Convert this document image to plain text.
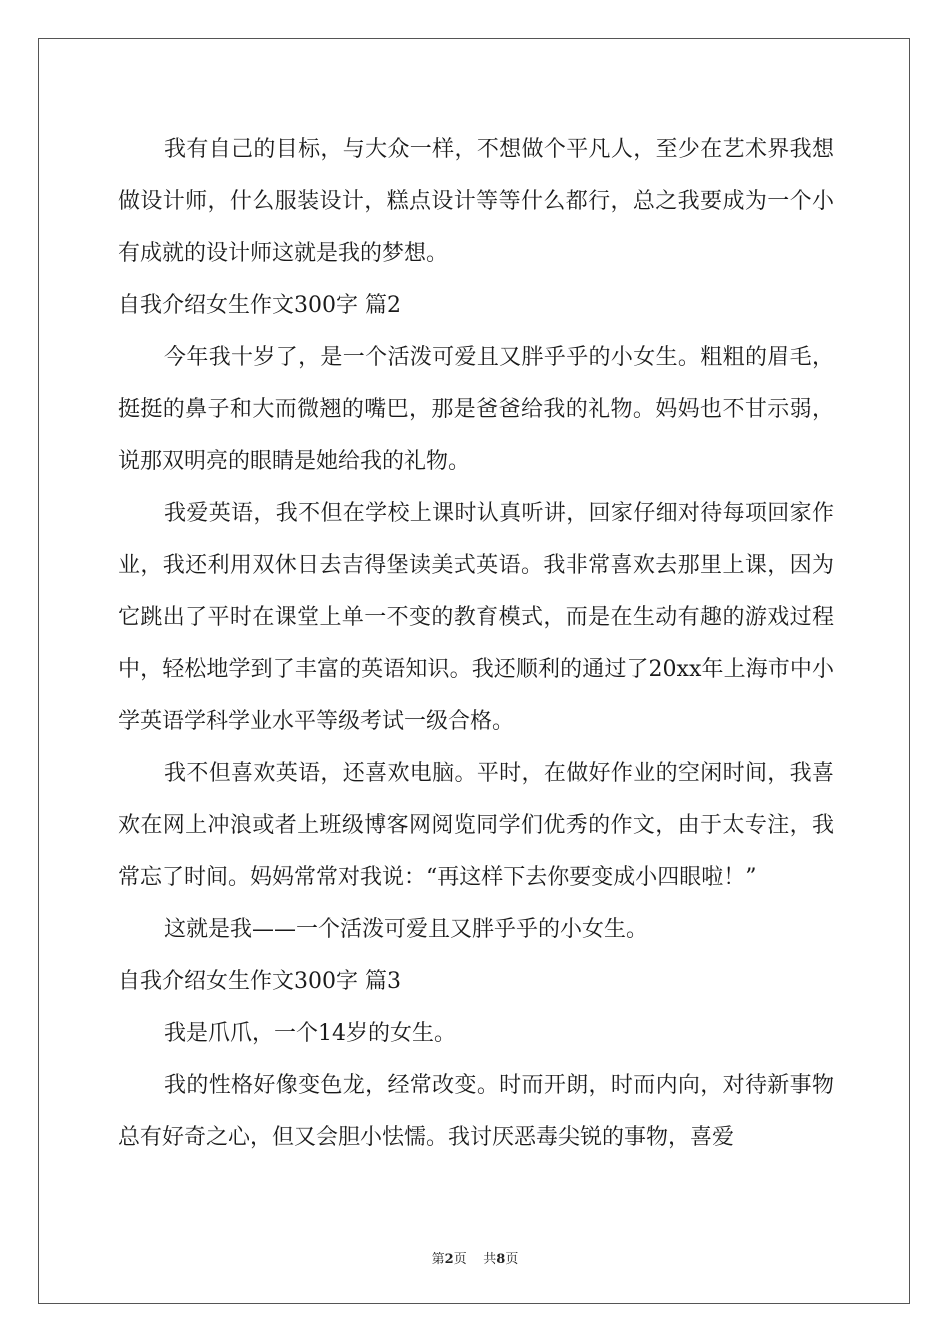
我有自己的目标，与大众一样，不想做个平凡人，至少在艺术界我想做设计师，什么服装设计，糕点设计等等什么都行，总之我要成为一个小有成就的设计师这就是我的梦想。

自我介绍女生作文300字 篇2

今年我十岁了，是一个活泼可爱且又胖乎乎的小女生。粗粗的眉毛，挺挺的鼻子和大而微翘的嘴巴，那是爸爸给我的礼物。妈妈也不甘示弱，说那双明亮的眼睛是她给我的礼物。

我爱英语，我不但在学校上课时认真听讲，回家仔细对待每项回家作业，我还利用双休日去吉得堡读美式英语。我非常喜欢去那里上课，因为它跳出了平时在课堂上单一不变的教育模式，而是在生动有趣的游戏过程中，轻松地学到了丰富的英语知识。我还顺利的通过了20xx年上海市中小学英语学科学业水平等级考试一级合格。

我不但喜欢英语，还喜欢电脑。平时，在做好作业的空闲时间，我喜欢在网上冲浪或者上班级博客网阅览同学们优秀的作文，由于太专注，我常忘了时间。妈妈常常对我说：“再这样下去你要变成小四眼啦！”

这就是我——一个活泼可爱且又胖乎乎的小女生。

自我介绍女生作文300字 篇3

我是爪爪，一个14岁的女生。

我的性格好像变色龙，经常改变。时而开朗，时而内向，对待新事物总有好奇之心，但又会胆小怯懦。我讨厌恶毒尖锐的事物，喜爱

第2页 共8页
